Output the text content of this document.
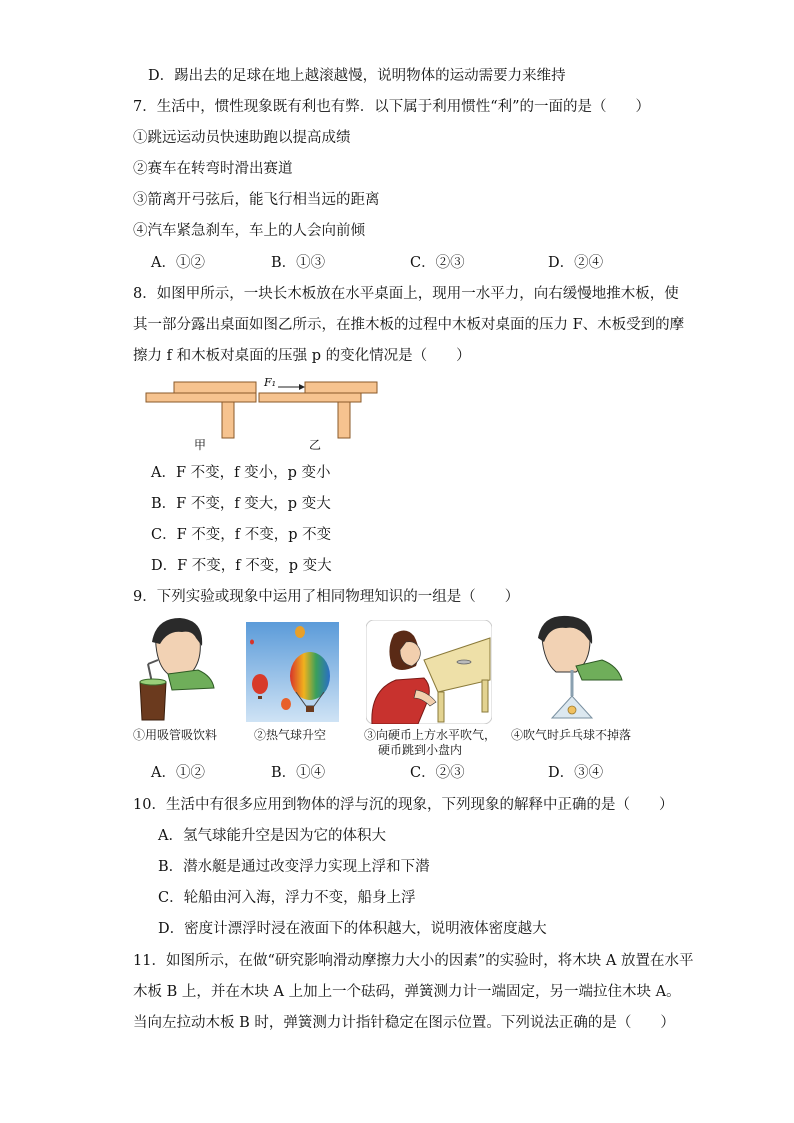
D．踢出去的足球在地上越滚越慢，说明物体的运动需要力来维持
7．生活中，惯性现象既有利也有弊．以下属于利用惯性“利”的一面的是（　　）
①跳远运动员快速助跑以提高成绩
②赛车在转弯时滑出赛道
③箭离开弓弦后，能飞行相当远的距离
④汽车紧急刹车，车上的人会向前倾
A．①②	B．①③	C．②③	D．②④
8．如图甲所示，一块长木板放在水平桌面上，现用一水平力，向右缓慢地推木板，使
其一部分露出桌面如图乙所示，在推木板的过程中木板对桌面的压力 F、木板受到的摩
擦力 f 和木板对桌面的压强 p 的变化情况是（　　）
F₁
甲	乙
A．F 不变，f 变小，p 变小
B．F 不变，f 变大，p 变大
C．F 不变，f 不变，p 不变
D．F 不变，f 不变，p 变大
9．下列实验或现象中运用了相同物理知识的一组是（　　）
①用吸管吸饮料	②热气球升空	③向硬币上方水平吹气，
硬币跳到小盘内
④吹气时乒乓球不掉落
A．①②	B．①④	C．②③	D．③④
10．生活中有很多应用到物体的浮与沉的现象，下列现象的解释中正确的是（　　）
A．氢气球能升空是因为它的体积大
B．潜水艇是通过改变浮力实现上浮和下潜
C．轮船由河入海，浮力不变，船身上浮
D．密度计漂浮时浸在液面下的体积越大，说明液体密度越大
11．如图所示，在做“研究影响滑动摩擦力大小的因素”的实验时，将木块 A 放置在水平
木板 B 上，并在木块 A 上加上一个砝码，弹簧测力计一端固定，另一端拉住木块 A。
当向左拉动木板 B 时，弹簧测力计指针稳定在图示位置。下列说法正确的是（　　）
